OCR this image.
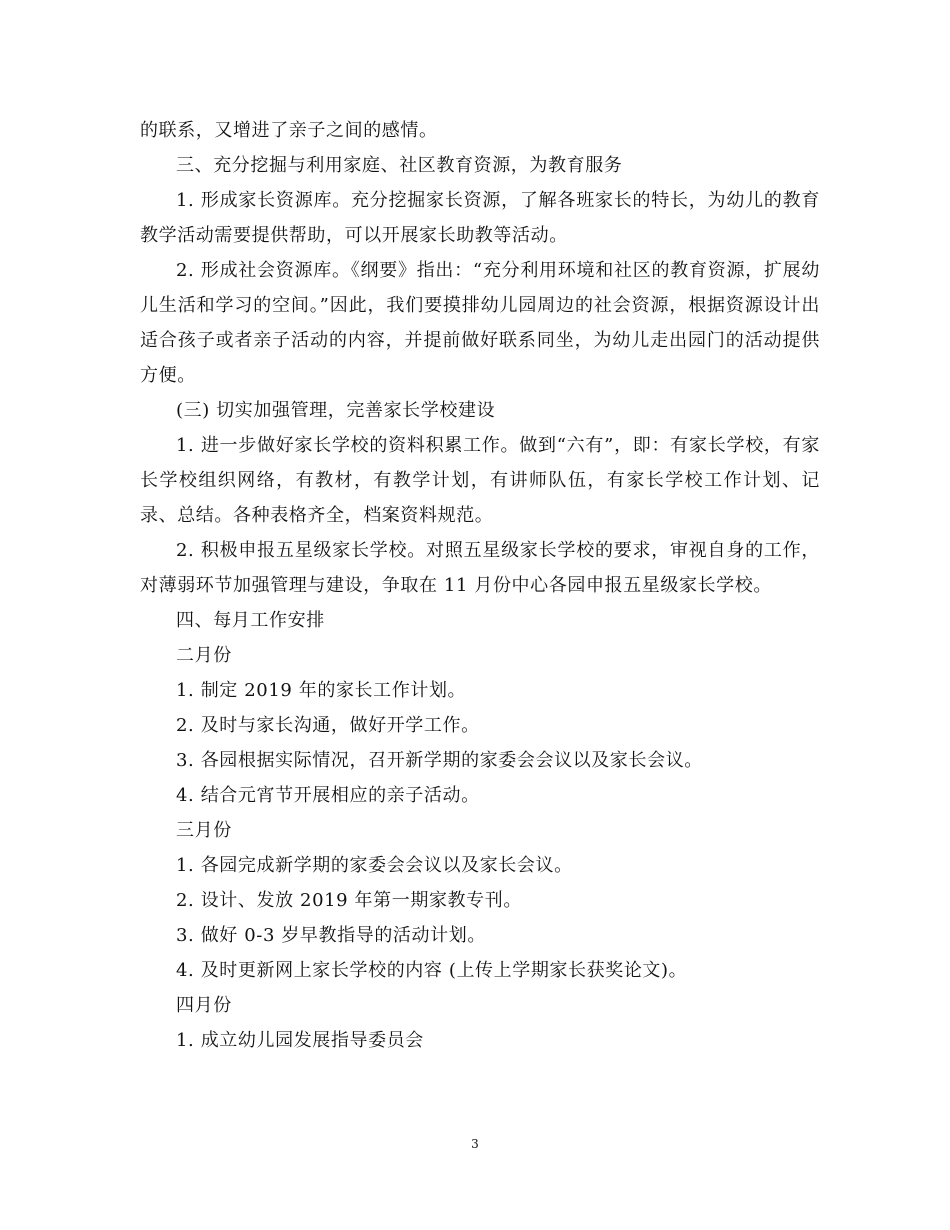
的联系，又增进了亲子之间的感情。

三、充分挖掘与利用家庭、社区教育资源，为教育服务

1. 形成家长资源库。充分挖掘家长资源，了解各班家长的特长，为幼儿的教育教学活动需要提供帮助，可以开展家长助教等活动。

2. 形成社会资源库。《纲要》指出：“充分利用环境和社区的教育资源，扩展幼儿生活和学习的空间。”因此，我们要摸排幼儿园周边的社会资源，根据资源设计出适合孩子或者亲子活动的内容，并提前做好联系同坐，为幼儿走出园门的活动提供方便。

(三) 切实加强管理，完善家长学校建设

1. 进一步做好家长学校的资料积累工作。做到“六有”，即：有家长学校，有家长学校组织网络，有教材，有教学计划，有讲师队伍，有家长学校工作计划、记录、总结。各种表格齐全，档案资料规范。

2. 积极申报五星级家长学校。对照五星级家长学校的要求，审视自身的工作，对薄弱环节加强管理与建设，争取在 11 月份中心各园申报五星级家长学校。

四、每月工作安排

二月份

1. 制定 2019 年的家长工作计划。

2. 及时与家长沟通，做好开学工作。

3. 各园根据实际情况，召开新学期的家委会会议以及家长会议。

4. 结合元宵节开展相应的亲子活动。

三月份

1. 各园完成新学期的家委会会议以及家长会议。

2. 设计、发放 2019 年第一期家教专刊。

3. 做好 0-3 岁早教指导的活动计划。

4. 及时更新网上家长学校的内容 (上传上学期家长获奖论文)。

四月份

1. 成立幼儿园发展指导委员会

3
